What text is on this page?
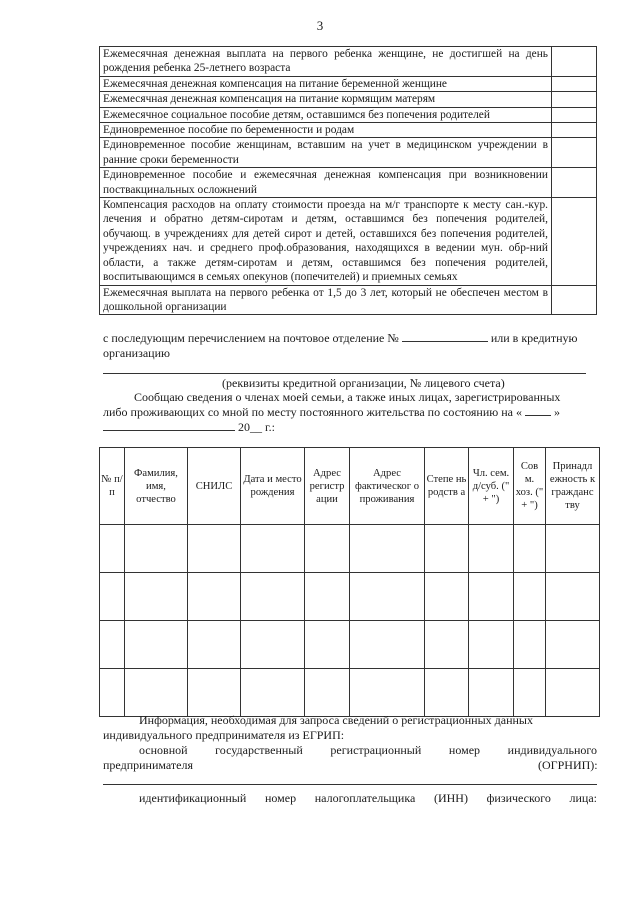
3
Ежемесячная денежная выплата на первого ребенка женщине, не достигшей на день рождения ребенка 25-летнего возраста	
Ежемесячная денежная компенсация на питание беременной женщине	
Ежемесячная денежная компенсация на питание кормящим матерям	
Ежемесячное социальное пособие детям, оставшимся без попечения родителей	
Единовременное пособие по беременности и родам	
Единовременное пособие женщинам, вставшим на учет в медицинском учреждении в ранние сроки беременности	
Единовременное пособие и ежемесячная денежная компенсация при возникновении поствакцинальных осложнений	
Компенсация расходов на оплату стоимости проезда на м/г транспорте к месту сан.-кур. лечения и обратно детям-сиротам и детям, оставшимся без попечения родителей, обучающ. в учреждениях для детей сирот и детей, оставшихся без попечения родителей, учреждениях нач. и среднего проф.образования, находящихся в ведении мун. обр-ний области, а также детям-сиротам и детям, оставшимся без попечения родителей, воспитывающимся в семьях опекунов (попечителей) и приемных семьях	
Ежемесячная выплата на первого ребенка от 1,5 до 3 лет, который не обеспечен местом в дошкольной организации	
с последующим перечислением на почтовое отделение №	или в кредитную
организацию
(реквизиты кредитной организации, № лицевого счета)
Сообщаю сведения о членах моей семьи, а также иных лицах, зарегистрированных
либо проживающих со мной по месту постоянного жительства по состоянию на «	»
20__ г.:
№ п/п	Фамилия, имя, отчество	СНИЛС	Дата и место рождения	Адрес регистр ации	Адрес фактическог о проживания	Степе нь родств а	Чл. сем. д/суб. (" + ")	Сов м. хоз. (" + ")	Принадл ежность к гражданс тву

Информация, необходимая для запроса сведений о регистрационных данных
индивидуального предпринимателя из ЕГРИП:
основной государственный регистрационный номер индивидуального
предпринимателя	(ОГРНИП):
идентификационный номер налогоплательщика (ИНН) физического лица:
